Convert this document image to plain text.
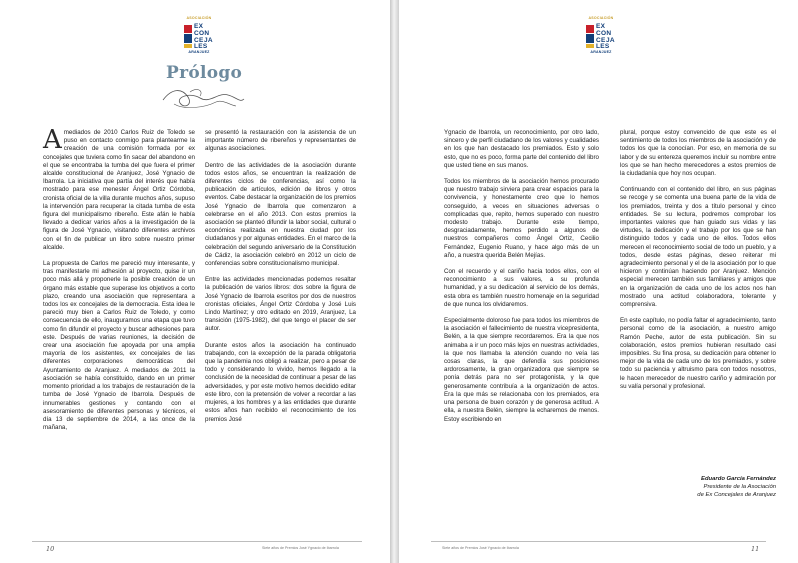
ASOCIACIÓN
EX
CON
CE JA
LES
ARANJUEZ
Prólogo

Amediados de 2010 Carlos Ruiz de Toledo se puso en contacto conmigo para plantearme la creación de una comisión formada por ex concejales que tuviera como fin sacar del abandono en el que se encontraba la tumba del que fuera el primer alcalde constitucional de Aranjuez, José Ygnacio de Ibarrola. La iniciativa que partía del interés que había mostrado para ese menester Ángel Ortiz Córdoba, cronista oficial de la villa durante muchos años, supuso la intervención para recuperar la citada tumba de esta figura del municipalismo ribereño. Este afán le había llevado a dedicar varios años a la investigación de la figura de José Ygnacio, visitando diferentes archivos con el fin de publicar un libro sobre nuestro primer alcalde.

La propuesta de Carlos me pareció muy interesante, y tras manifestarle mi adhesión al proyecto, quise ir un poco más allá y proponerle la posible creación de un órgano más estable que superase los objetivos a corto plazo, creando una asociación que representara a todos los ex concejales de la democracia. Esta idea le pareció muy bien a Carlos Ruiz de Toledo, y como consecuencia de ello, inauguramos una etapa que tuvo como fin difundir el proyecto y buscar adhesiones para este. Después de varias reuniones, la decisión de crear una asociación fue apoyada por una amplia mayoría de los asistentes, ex concejales de las diferentes corporaciones democráticas del Ayuntamiento de Aranjuez. A mediados de 2011 la asociación se había constituido, dando en un primer momento prioridad a los trabajos de restauración de la tumba de José Ygnacio de Ibarrola. Después de innumerables gestiones y contando con el asesoramiento de diferentes personas y técnicos, el día 13 de septiembre de 2014, a las once de la mañana,

se presentó la restauración con la asistencia de un importante número de ribereños y representantes de algunas asociaciones.

Dentro de las actividades de la asociación durante todos estos años, se encuentran la realización de diferentes ciclos de conferencias, así como la publicación de artículos, edición de libros y otros eventos. Cabe destacar la organización de los premios José Ygnacio de Ibarrola que comenzaron a celebrarse en el año 2013. Con estos premios la asociación se planteó difundir la labor social, cultural o económica realizada en nuestra ciudad por los ciudadanos y por algunas entidades. En el marco de la celebración del segundo aniversario de la Constitución de Cádiz, la asociación celebró en 2012 un ciclo de conferencias sobre constitucionalismo municipal.

Entre las actividades mencionadas podemos resaltar la publicación de varios libros: dos sobre la figura de José Ygnacio de Ibarrola escritos por dos de nuestros cronistas oficiales, Ángel Ortiz Córdoba y José Luis Lindo Martínez; y otro editado en 2019, Aranjuez, La transición (1975-1982), del que tengo el placer de ser autor.

Durante estos años la asociación ha continuado trabajando, con la excepción de la parada obligatoria que la pandemia nos obligó a realizar, pero a pesar de todo y considerando lo vivido, hemos llegado a la conclusión de la necesidad de continuar a pesar de las adversidades, y por este motivo hemos decidido editar este libro, con la pretensión de volver a recordar a las mujeres, a los hombres y a las entidades que durante estos años han recibido el reconocimiento de los premios José

10	Siete años de Premios José Ygnacio de Ibarrola
ASOCIACIÓN
EX
CON
CE JA
LES
ARANJUEZ

Ygnacio de Ibarrola, un reconocimiento, por otro lado, sincero y de perfil ciudadano de los valores y cualidades en los que han destacado los premiados. Esto y solo esto, que no es poco, forma parte del contenido del libro que usted tiene en sus manos.

Todos los miembros de la asociación hemos procurado que nuestro trabajo sirviera para crear espacios para la convivencia, y honestamente creo que lo hemos conseguido, a veces en situaciones adversas o complicadas que, repito, hemos superado con nuestro modesto trabajo. Durante este tiempo, desgraciadamente, hemos perdido a algunos de nuestros compañeros como Ángel Ortiz, Cecilio Fernández, Eugenio Ruano, y hace algo más de un año, a nuestra querida Belén Mejías.

Con el recuerdo y el cariño hacia todos ellos, con el reconocimiento a sus valores, a su profunda humanidad, y a su dedicación al servicio de los demás, esta obra es también nuestro homenaje en la seguridad de que nunca los olvidaremos.

Especialmente doloroso fue para todos los miembros de la asociación el fallecimiento de nuestra vicepresidenta, Belén, a la que siempre recordaremos. Era la que nos animaba a ir un poco más lejos en nuestras actividades, la que nos llamaba la atención cuando no veía las cosas claras, la que defendía sus posiciones ardorosamente, la gran organizadora que siempre se ponía detrás para no ser protagonista, y la que generosamente contribuía a la organización de actos. Era la que más se relacionaba con los premiados, era una persona de buen corazón y de generosa actitud. A ella, a nuestra Belén, siempre la echaremos de menos. Estoy escribiendo en

plural, porque estoy convencido de que este es el sentimiento de todos los miembros de la asociación y de todos los que la conocían. Por eso, en memoria de su labor y de su entereza queremos incluir su nombre entre los que se han hecho merecedores a estos premios de la ciudadanía que hoy nos ocupan.

Continuando con el contenido del libro, en sus páginas se recoge y se comenta una buena parte de la vida de los premiados, treinta y dos a título personal y cinco entidades. Se su lectura, podremos comprobar los importantes valores que han guiado sus vidas y las virtudes, la dedicación y el trabajo por los que se han distinguido todos y cada uno de ellos. Todos ellos merecen el reconocimiento social de todo un pueblo, y a todos, desde estas páginas, deseo reiterar mi agradecimiento personal y el de la asociación por lo que hicieron y continúan haciendo por Aranjuez. Mención especial merecen también sus familiares y amigos que en la organización de cada uno de los actos nos han mostrado una actitud colaboradora, tolerante y comprensiva.

En este capítulo, no podía faltar el agradecimiento, tanto personal como de la asociación, a nuestro amigo Ramón Peche, autor de esta publicación. Sin su colaboración, estos premios hubieran resultado casi imposibles. Su fina prosa, su dedicación para obtener lo mejor de la vida de cada uno de los premiados, y sobre todo su paciencia y altruismo para con todos nosotros, le hacen merecedor de nuestro cariño y admiración por su valía personal y profesional.

Eduardo García Fernández
Presidente de la Asociación
de Ex Concejales de Aranjuez
Siete años de Premios José Ygnacio de Ibarrola	11
